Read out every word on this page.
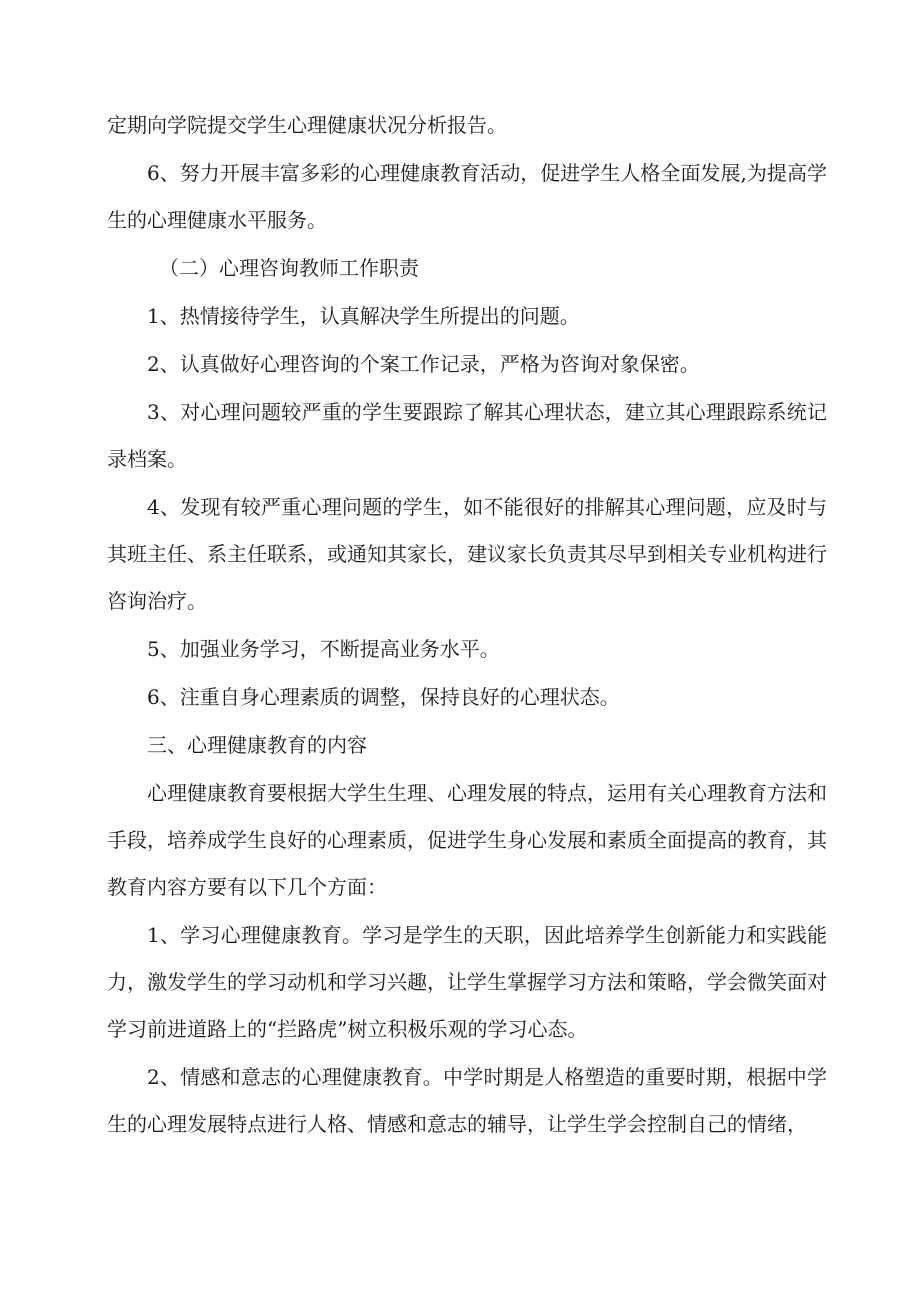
定期向学院提交学生心理健康状况分析报告。

6、努力开展丰富多彩的心理健康教育活动，促进学生人格全面发展,为提高学生的心理健康水平服务。

（二）心理咨询教师工作职责

1、热情接待学生，认真解决学生所提出的问题。

2、认真做好心理咨询的个案工作记录，严格为咨询对象保密。

3、对心理问题较严重的学生要跟踪了解其心理状态，建立其心理跟踪系统记录档案。

4、发现有较严重心理问题的学生，如不能很好的排解其心理问题，应及时与其班主任、系主任联系，或通知其家长，建议家长负责其尽早到相关专业机构进行咨询治疗。

5、加强业务学习，不断提高业务水平。

6、注重自身心理素质的调整，保持良好的心理状态。

三、心理健康教育的内容

心理健康教育要根据大学生生理、心理发展的特点，运用有关心理教育方法和手段，培养成学生良好的心理素质，促进学生身心发展和素质全面提高的教育，其教育内容方要有以下几个方面：

1、学习心理健康教育。学习是学生的天职，因此培养学生创新能力和实践能力，激发学生的学习动机和学习兴趣，让学生掌握学习方法和策略，学会微笑面对学习前进道路上的“拦路虎”树立积极乐观的学习心态。

2、情感和意志的心理健康教育。中学时期是人格塑造的重要时期，根据中学生的心理发展特点进行人格、情感和意志的辅导，让学生学会控制自己的情绪，
